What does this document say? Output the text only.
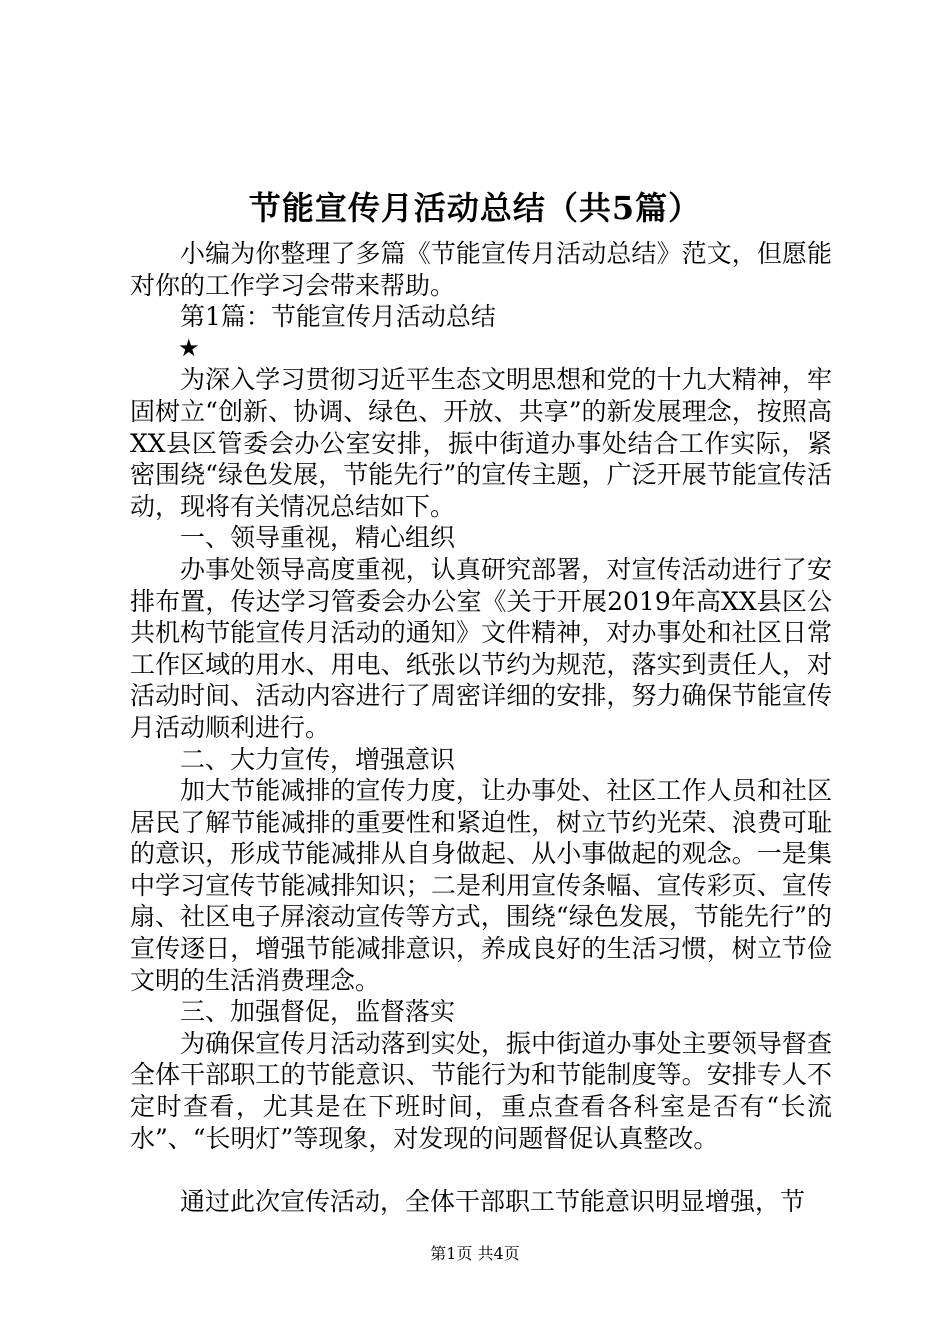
节能宣传月活动总结（共5篇）

小编为你整理了多篇《节能宣传月活动总结》范文，但愿能对你的工作学习会带来帮助。

第1篇：节能宣传月活动总结

★

为深入学习贯彻习近平生态文明思想和党的十九大精神，牢固树立“创新、协调、绿色、开放、共享”的新发展理念，按照高XX县区管委会办公室安排，振中街道办事处结合工作实际，紧密围绕“绿色发展，节能先行”的宣传主题，广泛开展节能宣传活动，现将有关情况总结如下。

一、领导重视，精心组织

办事处领导高度重视，认真研究部署，对宣传活动进行了安排布置，传达学习管委会办公室《关于开展2019年高XX县区公共机构节能宣传月活动的通知》文件精神，对办事处和社区日常工作区域的用水、用电、纸张以节约为规范，落实到责任人，对活动时间、活动内容进行了周密详细的安排，努力确保节能宣传月活动顺利进行。

二、大力宣传，增强意识

加大节能减排的宣传力度，让办事处、社区工作人员和社区居民了解节能减排的重要性和紧迫性，树立节约光荣、浪费可耻的意识，形成节能减排从自身做起、从小事做起的观念。一是集中学习宣传节能减排知识；二是利用宣传条幅、宣传彩页、宣传扇、社区电子屏滚动宣传等方式，围绕“绿色发展，节能先行”的宣传逐日，增强节能减排意识，养成良好的生活习惯，树立节俭文明的生活消费理念。

三、加强督促，监督落实

为确保宣传月活动落到实处，振中街道办事处主要领导督查全体干部职工的节能意识、节能行为和节能制度等。安排专人不定时查看，尤其是在下班时间，重点查看各科室是否有“长流水”、“长明灯”等现象，对发现的问题督促认真整改。

通过此次宣传活动，全体干部职工节能意识明显增强，节

第1页 共4页
